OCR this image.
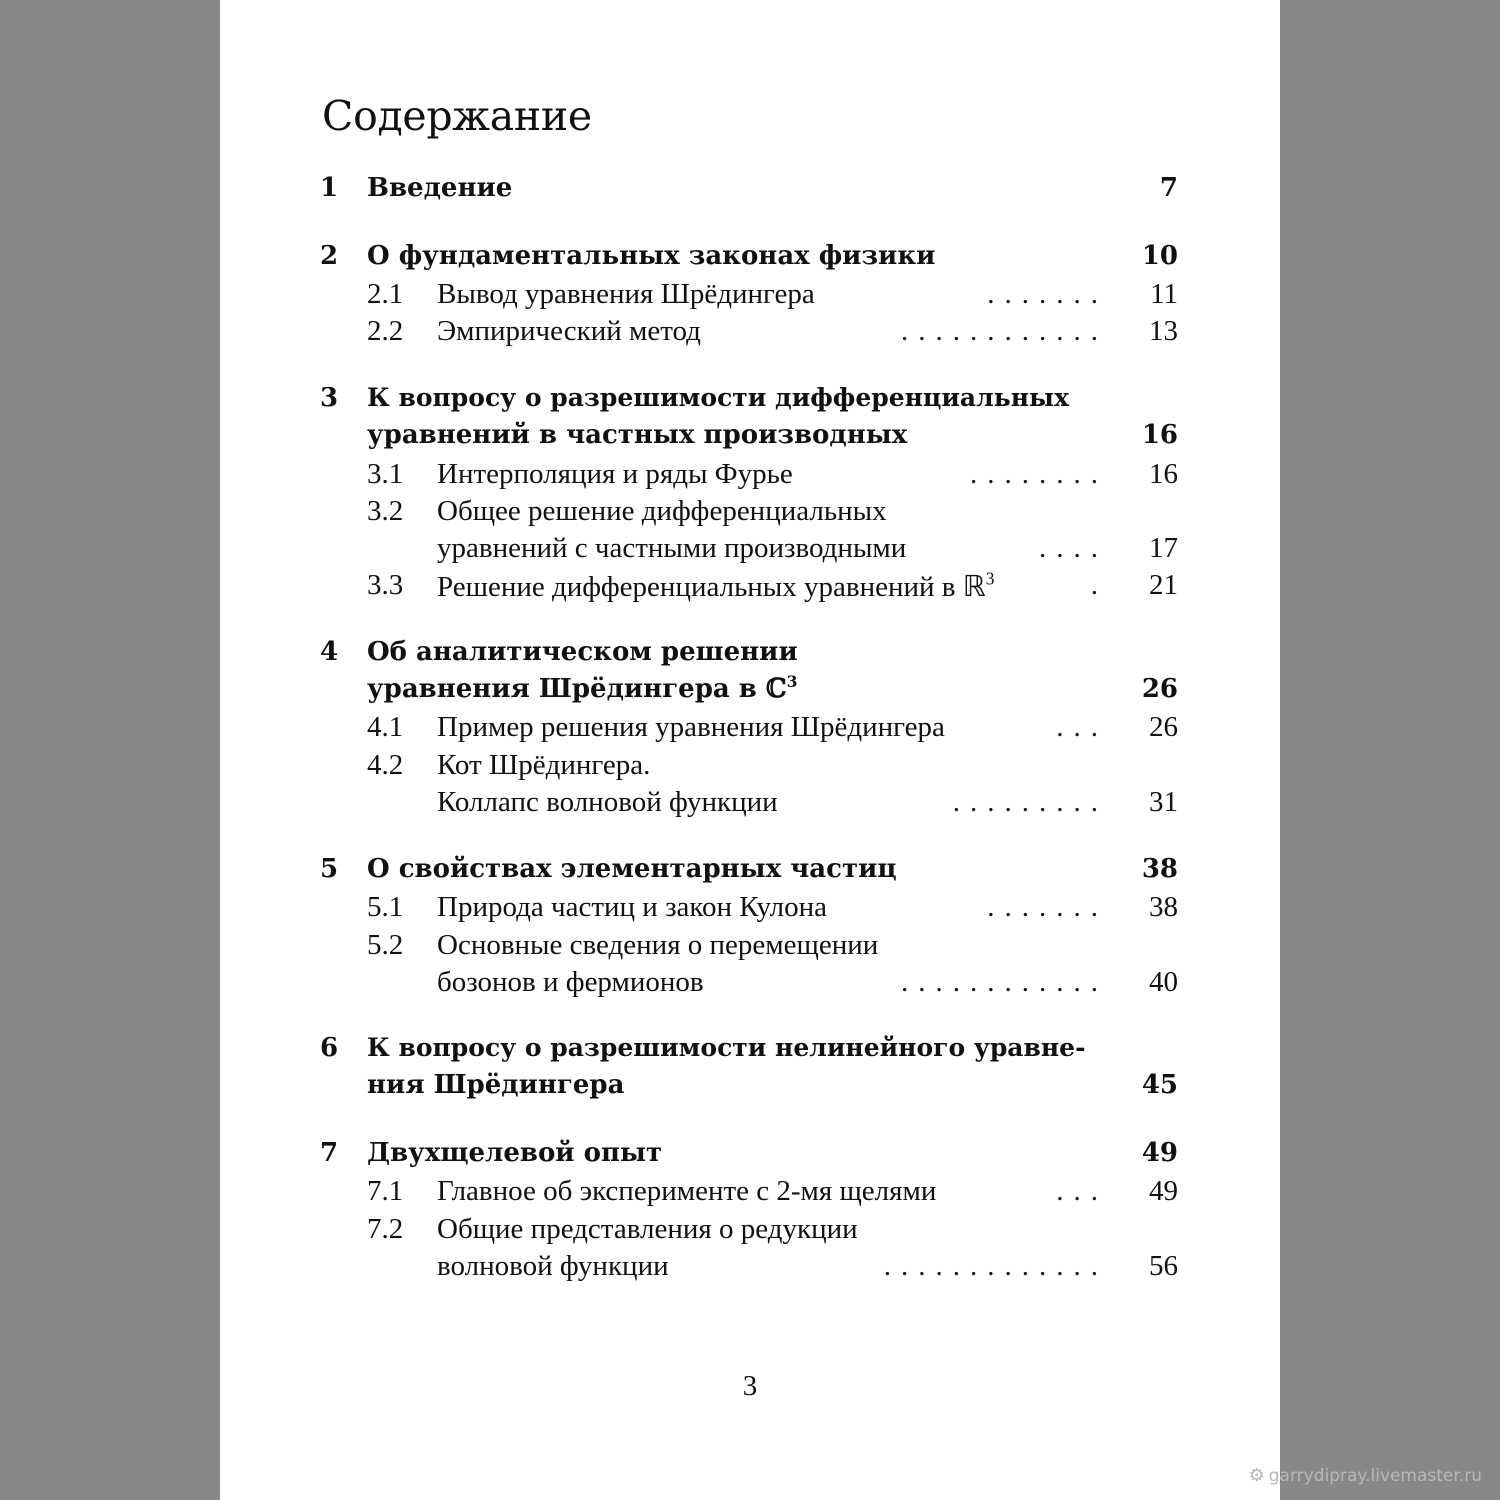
Содержание
1 Введение	7
2 О фундаментальных законах физики	10
2.1 Вывод уравнения Шрёдингера	....... 11
2.2 Эмпирический метод	............ 13
3 К вопросу о разрешимости дифференциальных
уравнений в частных производных	16
3.1 Интерполяция и ряды Фурье	........ 16
3.2 Общее решение дифференциальных
уравнений с частными производными	.... 17
3.3 Решение дифференциальных уравнений в ℝ$^3$	. 21
4 Об аналитическом решении
уравнения Шрёдингера в ℂ$^3$	26
4.1 Пример решения уравнения Шрёдингера	... 26
4.2 Кот Шрёдингера.
Коллапс волновой функции	......... 31
5 О свойствах элементарных частиц	38
5.1 Природа частиц и закон Кулона	....... 38
5.2 Основные сведения о перемещении
бозонов и фермионов	............ 40
6 К вопросу о разрешимости нелинейного уравне-
ния Шрёдингера	45
7 Двухщелевой опыт	49
7.1 Главное об эксперименте с 2-мя щелями	... 49
7.2 Общие представления о редукции
волновой функции	............. 56
3
⚙ garrydipray.livemaster.ru
